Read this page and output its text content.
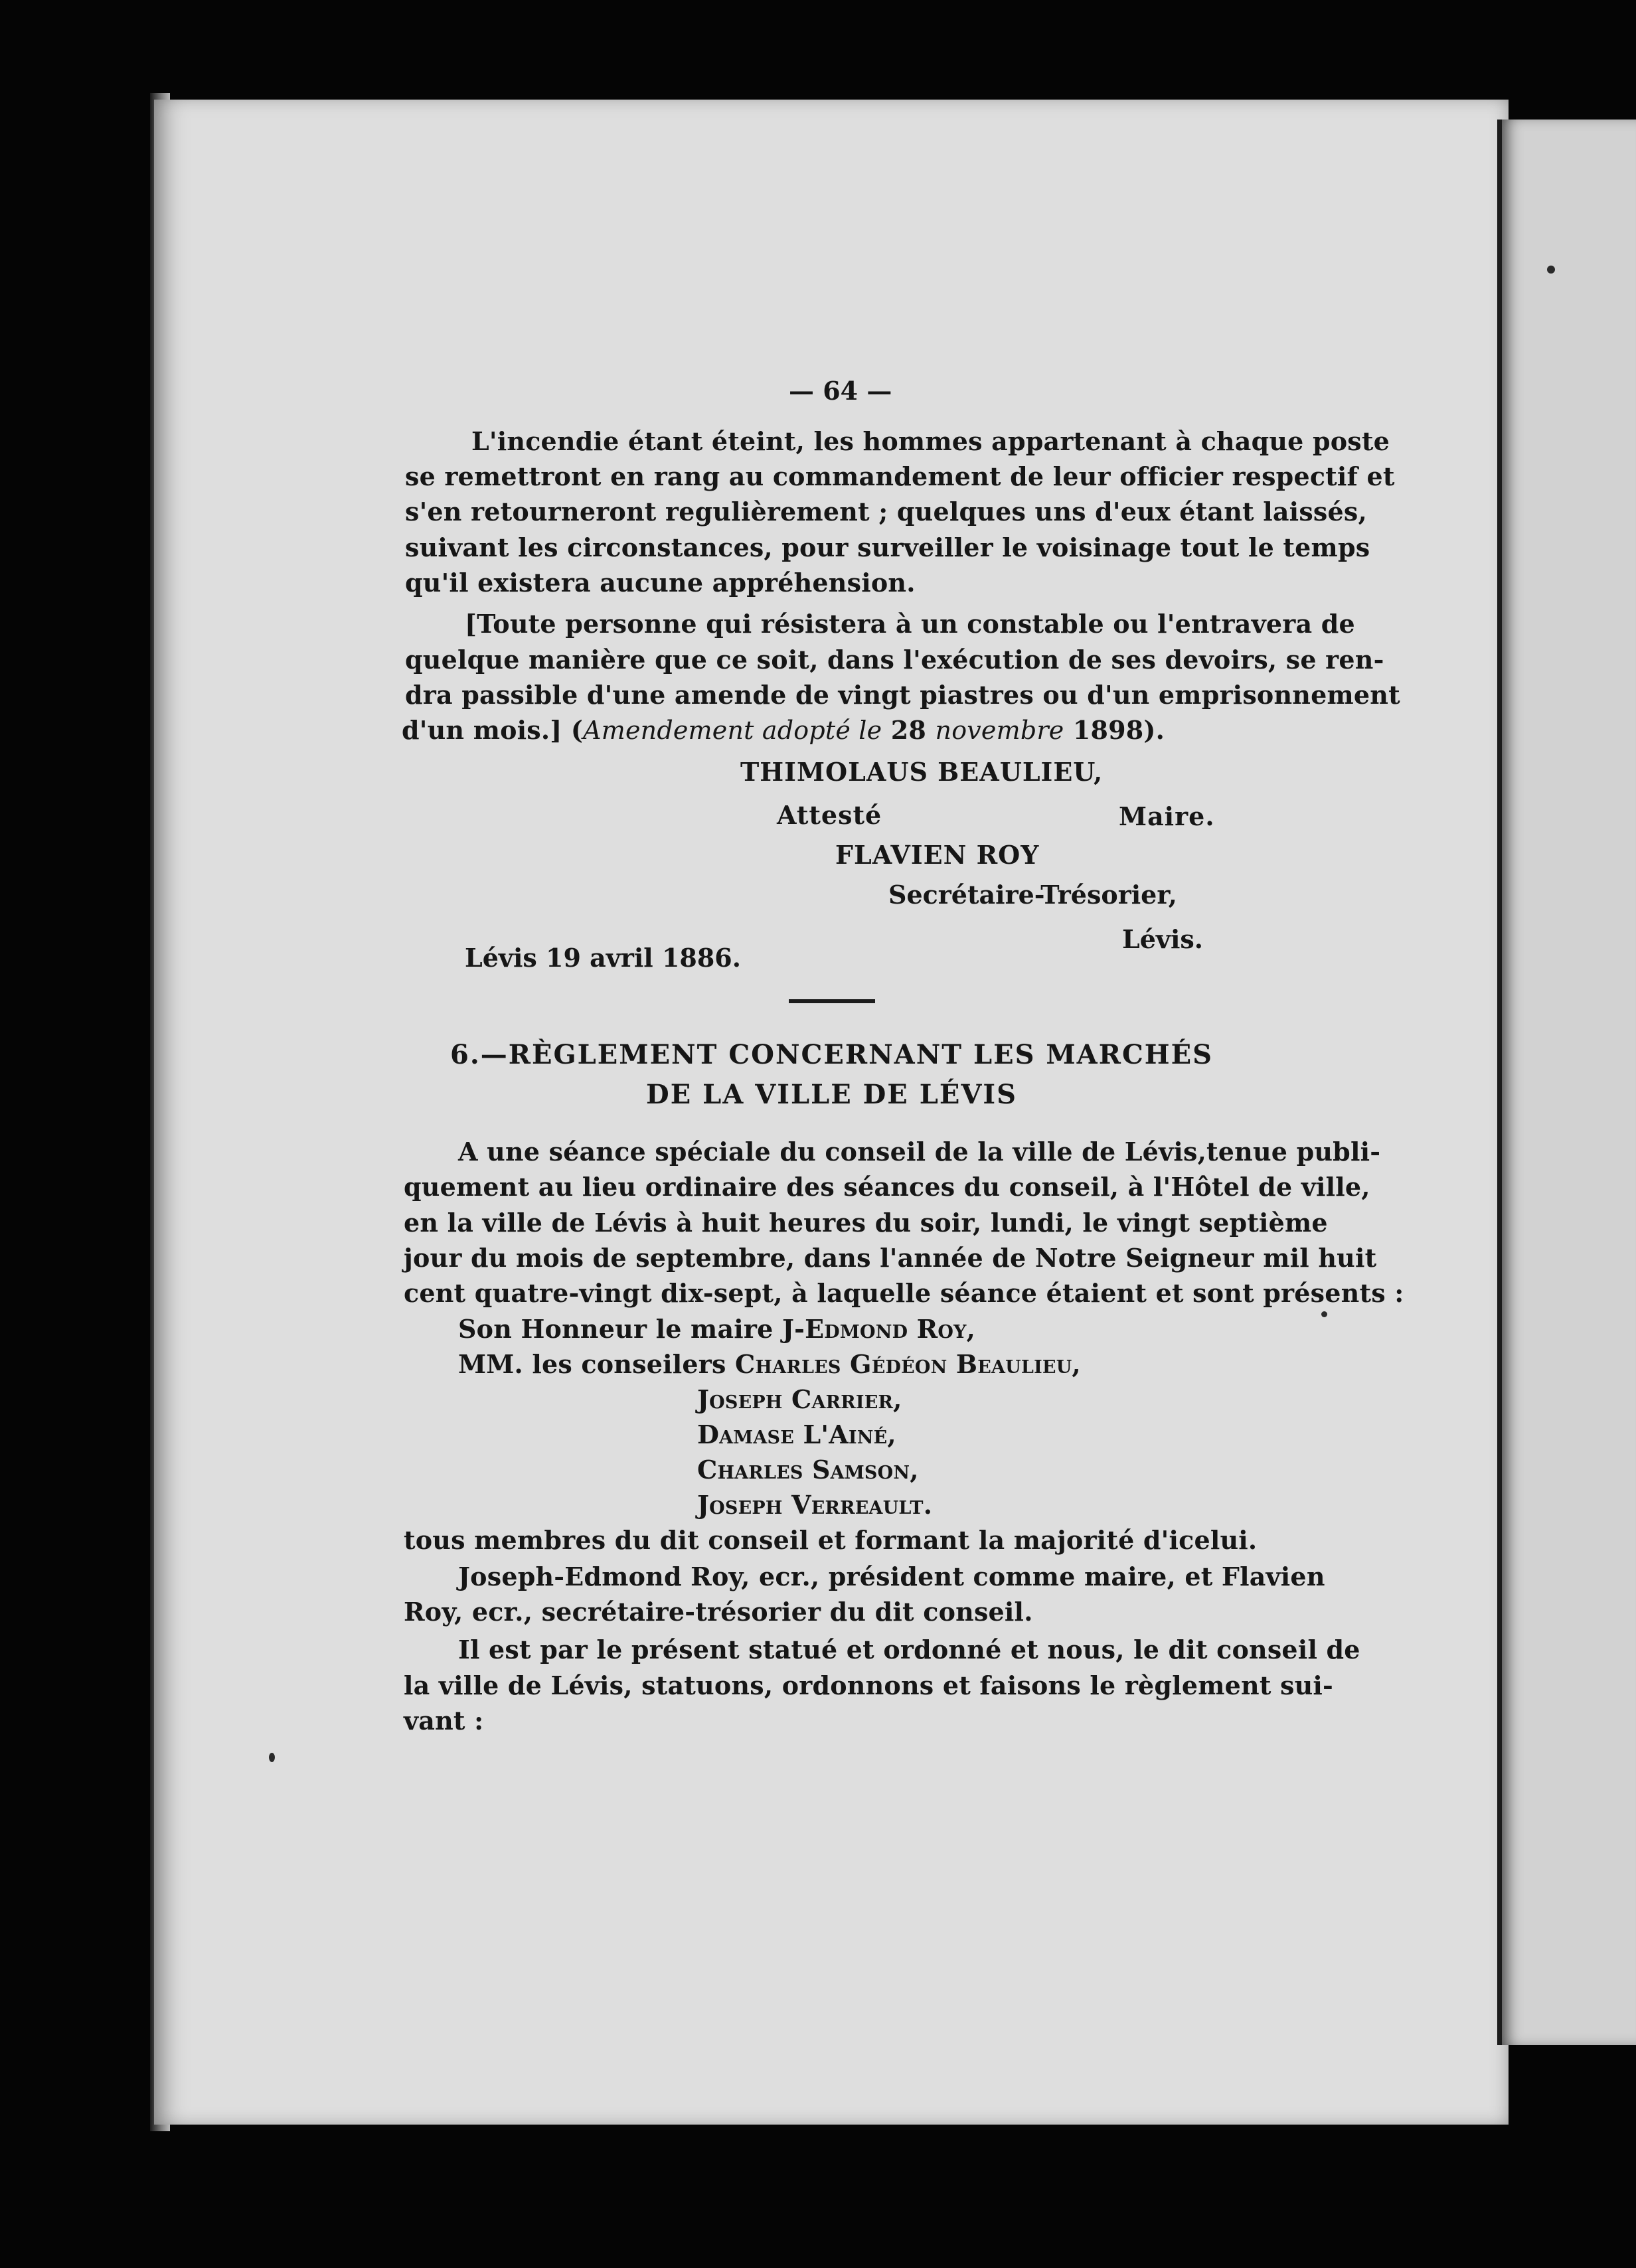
— 64 —
L'incendie étant éteint, les hommes appartenant à chaque poste
se remettront en rang au commandement de leur officier respectif et
s'en retourneront regulièrement ; quelques uns d'eux étant laissés,
suivant les circonstances, pour surveiller le voisinage tout le temps
qu'il existera aucune appréhension.
[Toute personne qui résistera à un constable ou l'entravera de
quelque manière que ce soit, dans l'exécution de ses devoirs, se ren-
dra passible d'une amende de vingt piastres ou d'un emprisonnement
d'un mois.] (Amendement adopté le 28 novembre 1898).
THIMOLAUS BEAULIEU,
Attesté	Maire.
FLAVIEN ROY
Secrétaire-Trésorier,
Lévis.
Lévis 19 avril 1886.
6.—RÈGLEMENT CONCERNANT LES MARCHÉS
DE LA VILLE DE LÉVIS
A une séance spéciale du conseil de la ville de Lévis,tenue publi-
quement au lieu ordinaire des séances du conseil, à l'Hôtel de ville,
en la ville de Lévis à huit heures du soir, lundi, le vingt septième
jour du mois de septembre, dans l'année de Notre Seigneur mil huit
cent quatre-vingt dix-sept, à laquelle séance étaient et sont présents :
Son Honneur le maire J-Edmond Roy,
MM. les conseilers Charles Gédéon Beaulieu,
Joseph Carrier,
Damase L'Ainé,
Charles Samson,
Joseph Verreault.
tous membres du dit conseil et formant la majorité d'icelui.
Joseph-Edmond Roy, ecr., président comme maire, et Flavien
Roy, ecr., secrétaire-trésorier du dit conseil.
Il est par le présent statué et ordonné et nous, le dit conseil de
la ville de Lévis, statuons, ordonnons et faisons le règlement sui-
vant :
